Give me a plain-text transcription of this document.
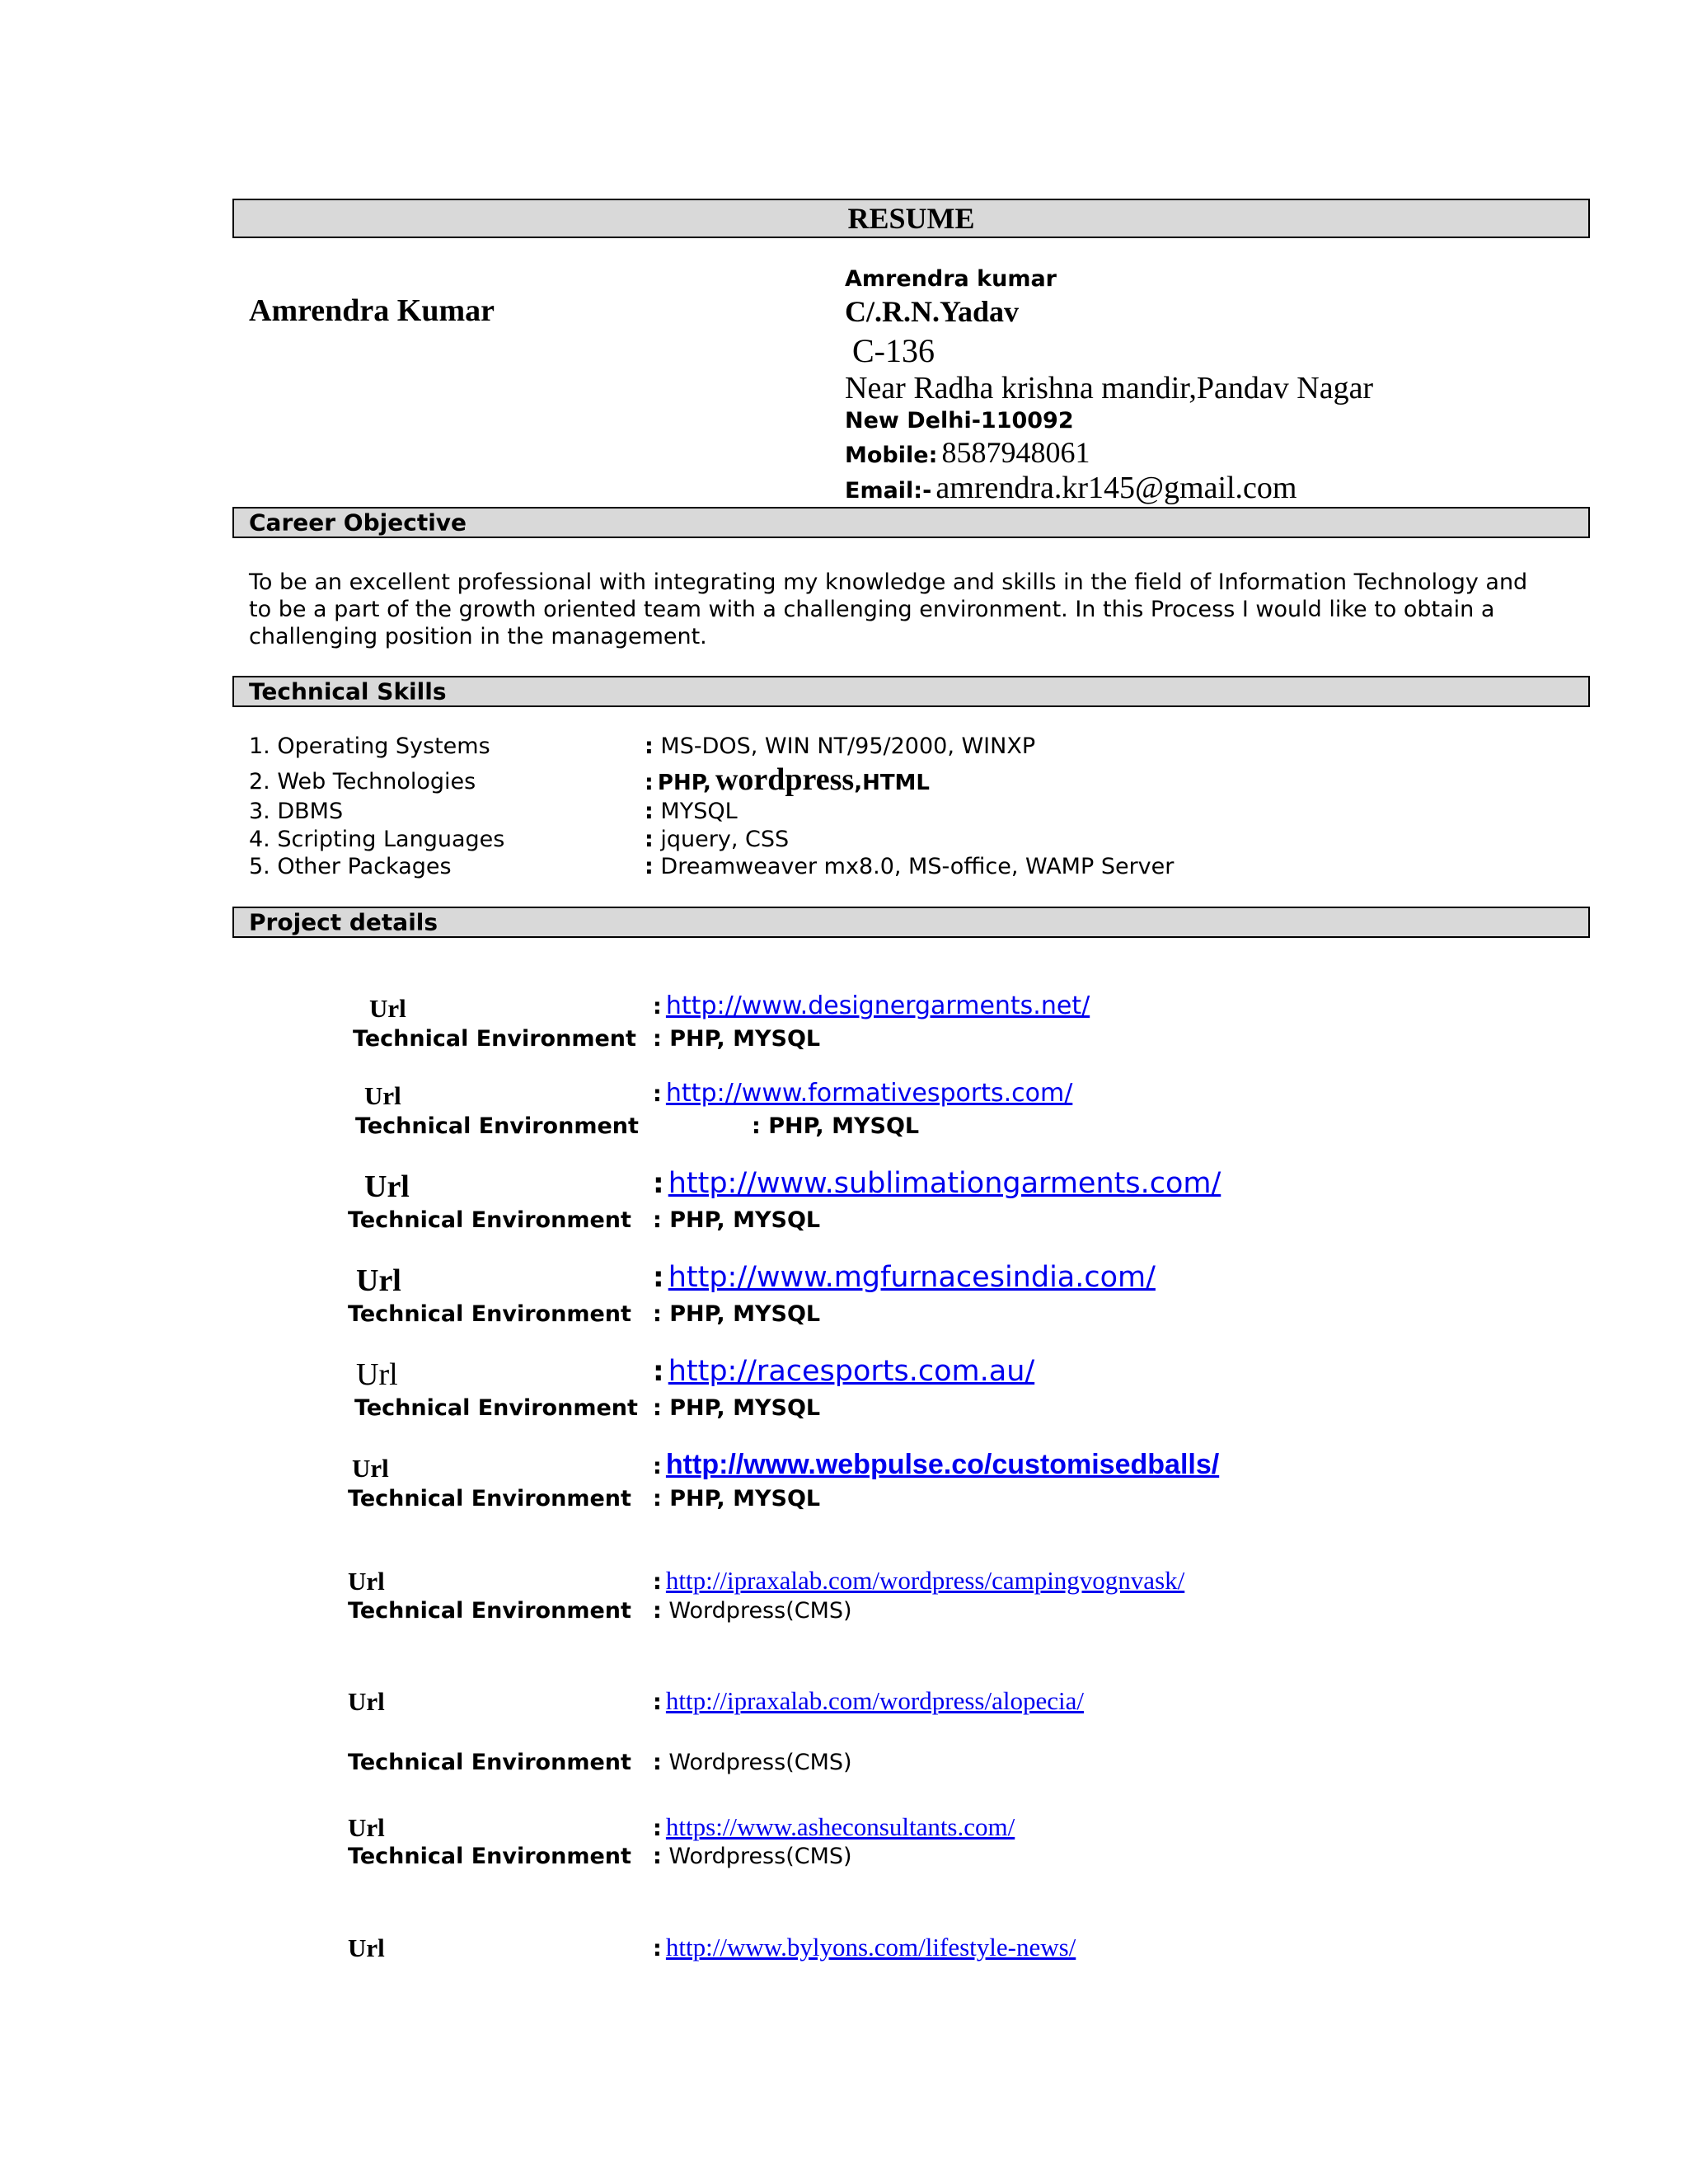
RESUME
Amrendra Kumar
Amrendra kumar
C/.R.N.Yadav
C-136
Near Radha krishna mandir,Pandav Nagar
New Delhi-110092
Mobile: 8587948061
Email:- amrendra.kr145@gmail.com
Career Objective
To be an excellent professional with integrating my knowledge and skills in the field of Information Technology and
to be a part of the growth oriented team with a challenging environment. In this Process I would like to obtain a
challenging position in the management.
Technical Skills
1. Operating Systems	: MS-DOS, WIN NT/95/2000, WINXP
2. Web Technologies	: PHP, wordpress,HTML
3. DBMS	: MYSQL
4. Scripting Languages	: jquery, CSS
5. Other Packages	: Dreamweaver mx8.0, MS-office, WAMP Server
Project details
Url	: http://www.designergarments.net/
Technical Environment : PHP, MYSQL
Url	: http://www.formativesports.com/
Technical Environment	: PHP, MYSQL
Url	: http://www.sublimationgarments.com/
Technical Environment : PHP, MYSQL
Url	: http://www.mgfurnacesindia.com/
Technical Environment : PHP, MYSQL
Url	: http://racesports.com.au/
Technical Environment : PHP, MYSQL
Url	: http://www.webpulse.co/customisedballs/
Technical Environment : PHP, MYSQL
Url	: http://ipraxalab.com/wordpress/campingvognvask/
Technical Environment : Wordpress(CMS)
Url	: http://ipraxalab.com/wordpress/alopecia/
Technical Environment : Wordpress(CMS)
Url	: https://www.asheconsultants.com/
Technical Environment : Wordpress(CMS)
Url	: http://www.bylyons.com/lifestyle-news/
